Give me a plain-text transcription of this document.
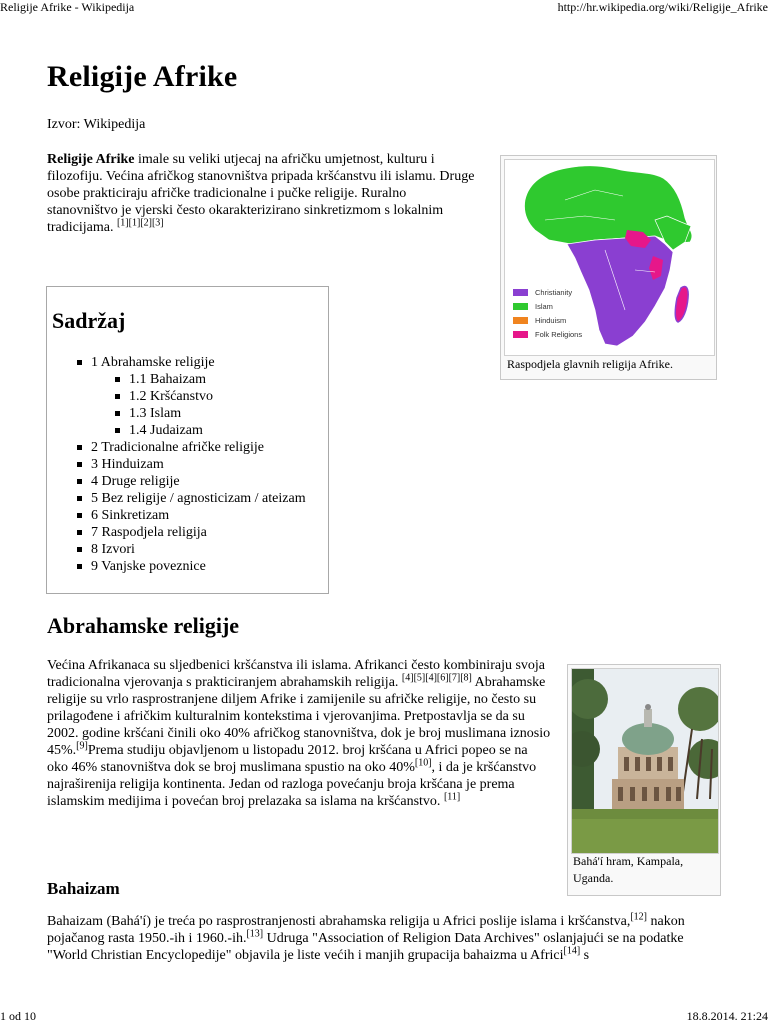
Religije Afrike - Wikipedija	http://hr.wikipedia.org/wiki/Religije_Afrike
Religije Afrike
Izvor: Wikipedija

Religije Afrike imale su veliki utjecaj na afričku umjetnost, kulturu i filozofiju. Većina afričkog stanovništva pripada kršćanstvu ili islamu. Druge osobe prakticiraju afričke tradicionalne i pučke religije. Ruralno stanovništvo je vjerski često okarakterizirano sinkretizmom s lokalnim tradicijama. [1][1][2][3]

Christianity
Islam
Hinduism
Folk Religions
Raspodjela glavnih religija Afrike.
Sadržaj
1 Abrahamske religije
1.1 Bahaizam
1.2 Kršćanstvo
1.3 Islam
1.4 Judaizam
2 Tradicionalne afričke religije
3 Hinduizam
4 Druge religije
5 Bez religije / agnosticizam / ateizam
6 Sinkretizam
7 Raspodjela religija
8 Izvori
9 Vanjske poveznice
Abrahamske religije

Većina Afrikanaca su sljedbenici kršćanstva ili islama. Afrikanci često kombiniraju svoja tradicionalna vjerovanja s prakticiranjem abrahamskih religija. [4][5][4][6][7][8] Abrahamske religije su vrlo rasprostranjene diljem Afrike i zamijenile su afričke religije, no često su prilagođene i afričkim kulturalnim kontekstima i vjerovanjima. Pretpostavlja se da su 2002. godine kršćani činili oko 40% afričkog stanovništva, dok je broj muslimana iznosio 45%.[9]Prema studiju objavljenom u listopadu 2012. broj kršćana u Africi popeo se na oko 46% stanovništva dok se broj muslimana spustio na oko 40%[10], i da je kršćanstvo najraširenija religija kontinenta. Jedan od razloga povećanju broja kršćana je prema islamskim medijima i povećan broj prelazaka sa islama na kršćanstvo. [11]

Bahá'í hram, Kampala, Uganda.
Bahaizam

Bahaizam (Bahá'í) je treća po rasprostranjenosti abrahamska religija u Africi poslije islama i kršćanstva,[12] nakon pojačanog rasta 1950.-ih i 1960.-ih.[13] Udruga "Association of Religion Data Archives" oslanjajući se na podatke "World Christian Encyclopedije" objavila je liste većih i manjih grupacija bahaizma u Africi[14] s

1 od 10	18.8.2014. 21:24
